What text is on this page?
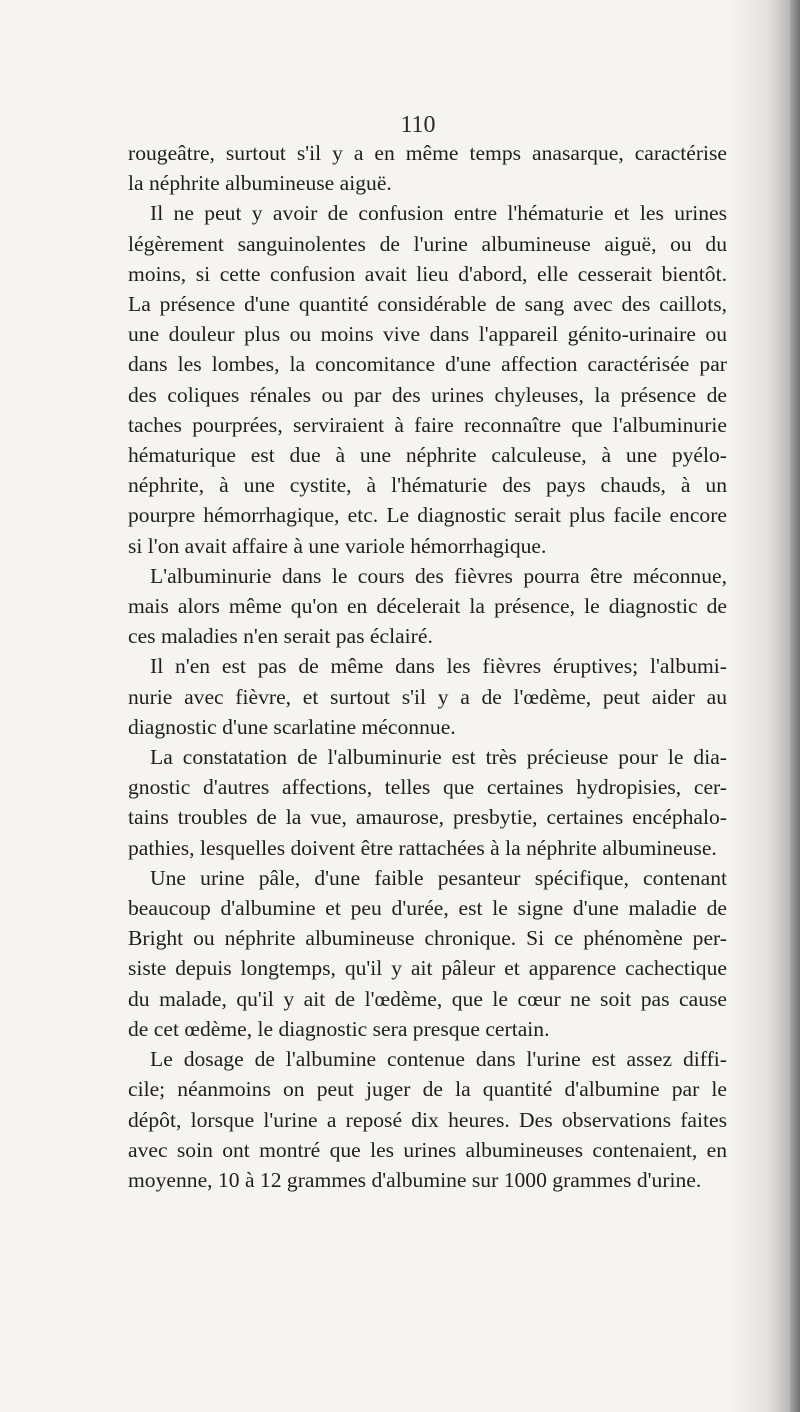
110

rougeâtre, surtout s'il y a en même temps anasarque, caractérise
la néphrite albumineuse aiguë.

Il ne peut y avoir de confusion entre l'hématurie et les urines
légèrement sanguinolentes de l'urine albumineuse aiguë, ou du
moins, si cette confusion avait lieu d'abord, elle cesserait bientôt.
La présence d'une quantité considérable de sang avec des caillots,
une douleur plus ou moins vive dans l'appareil génito-urinaire ou
dans les lombes, la concomitance d'une affection caractérisée par
des coliques rénales ou par des urines chyleuses, la présence de
taches pourprées, serviraient à faire reconnaître que l'albuminurie
hématurique est due à une néphrite calculeuse, à une pyélo-
néphrite, à une cystite, à l'hématurie des pays chauds, à un
pourpre hémorrhagique, etc. Le diagnostic serait plus facile encore
si l'on avait affaire à une variole hémorrhagique.

L'albuminurie dans le cours des fièvres pourra être méconnue,
mais alors même qu'on en décelerait la présence, le diagnostic de
ces maladies n'en serait pas éclairé.

Il n'en est pas de même dans les fièvres éruptives; l'albumi-
nurie avec fièvre, et surtout s'il y a de l'œdème, peut aider au
diagnostic d'une scarlatine méconnue.

La constatation de l'albuminurie est très précieuse pour le dia-
gnostic d'autres affections, telles que certaines hydropisies, cer-
tains troubles de la vue, amaurose, presbytie, certaines encéphalo-
pathies, lesquelles doivent être rattachées à la néphrite albumineuse.

Une urine pâle, d'une faible pesanteur spécifique, contenant
beaucoup d'albumine et peu d'urée, est le signe d'une maladie de
Bright ou néphrite albumineuse chronique. Si ce phénomène per-
siste depuis longtemps, qu'il y ait pâleur et apparence cachectique
du malade, qu'il y ait de l'œdème, que le cœur ne soit pas cause
de cet œdème, le diagnostic sera presque certain.

Le dosage de l'albumine contenue dans l'urine est assez diffi-
cile; néanmoins on peut juger de la quantité d'albumine par le
dépôt, lorsque l'urine a reposé dix heures. Des observations faites
avec soin ont montré que les urines albumineuses contenaient, en
moyenne, 10 à 12 grammes d'albumine sur 1000 grammes d'urine.
